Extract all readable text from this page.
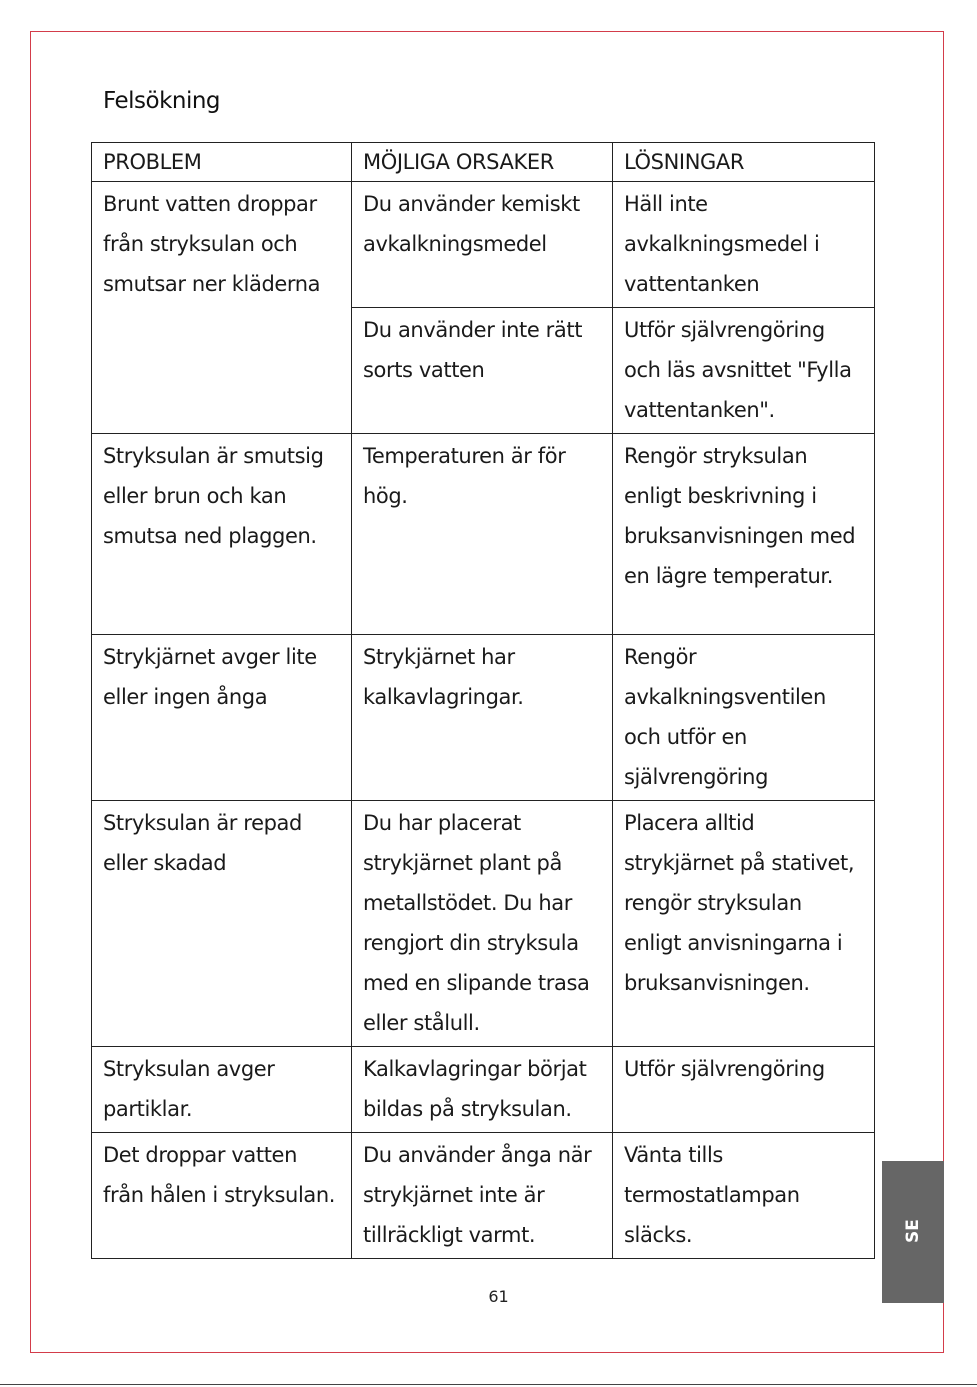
Felsökning
PROBLEM	MÖJLIGA ORSAKER	LÖSNINGAR
Brunt vatten droppar från stryksulan och smutsar ner kläderna	Du använder kemiskt avkalkningsmedel	Häll inte avkalkningsmedel i vattentanken
	Du använder inte rätt sorts vatten	Utför självrengöring och läs avsnittet "Fylla vattentanken".
Stryksulan är smutsig eller brun och kan smutsa ned plaggen.	Temperaturen är för hög.	Rengör stryksulan enligt beskrivning i bruksanvisningen med en lägre temperatur.
Strykjärnet avger lite eller ingen ånga	Strykjärnet har kalkavlagringar.	Rengör avkalkningsventilen och utför en självrengöring
Stryksulan är repad eller skadad	Du har placerat strykjärnet plant på metallstödet. Du har rengjort din stryksula med en slipande trasa eller stålull.	Placera alltid strykjärnet på stativet, rengör stryksulan enligt anvisningarna i bruksanvisningen.
Stryksulan avger partiklar.	Kalkavlagringar börjat bildas på stryksulan.	Utför självrengöring
Det droppar vatten från hålen i stryksulan.	Du använder ånga när strykjärnet inte är tillräckligt varmt.	Vänta tills termostatlampan släcks.	SE
61
